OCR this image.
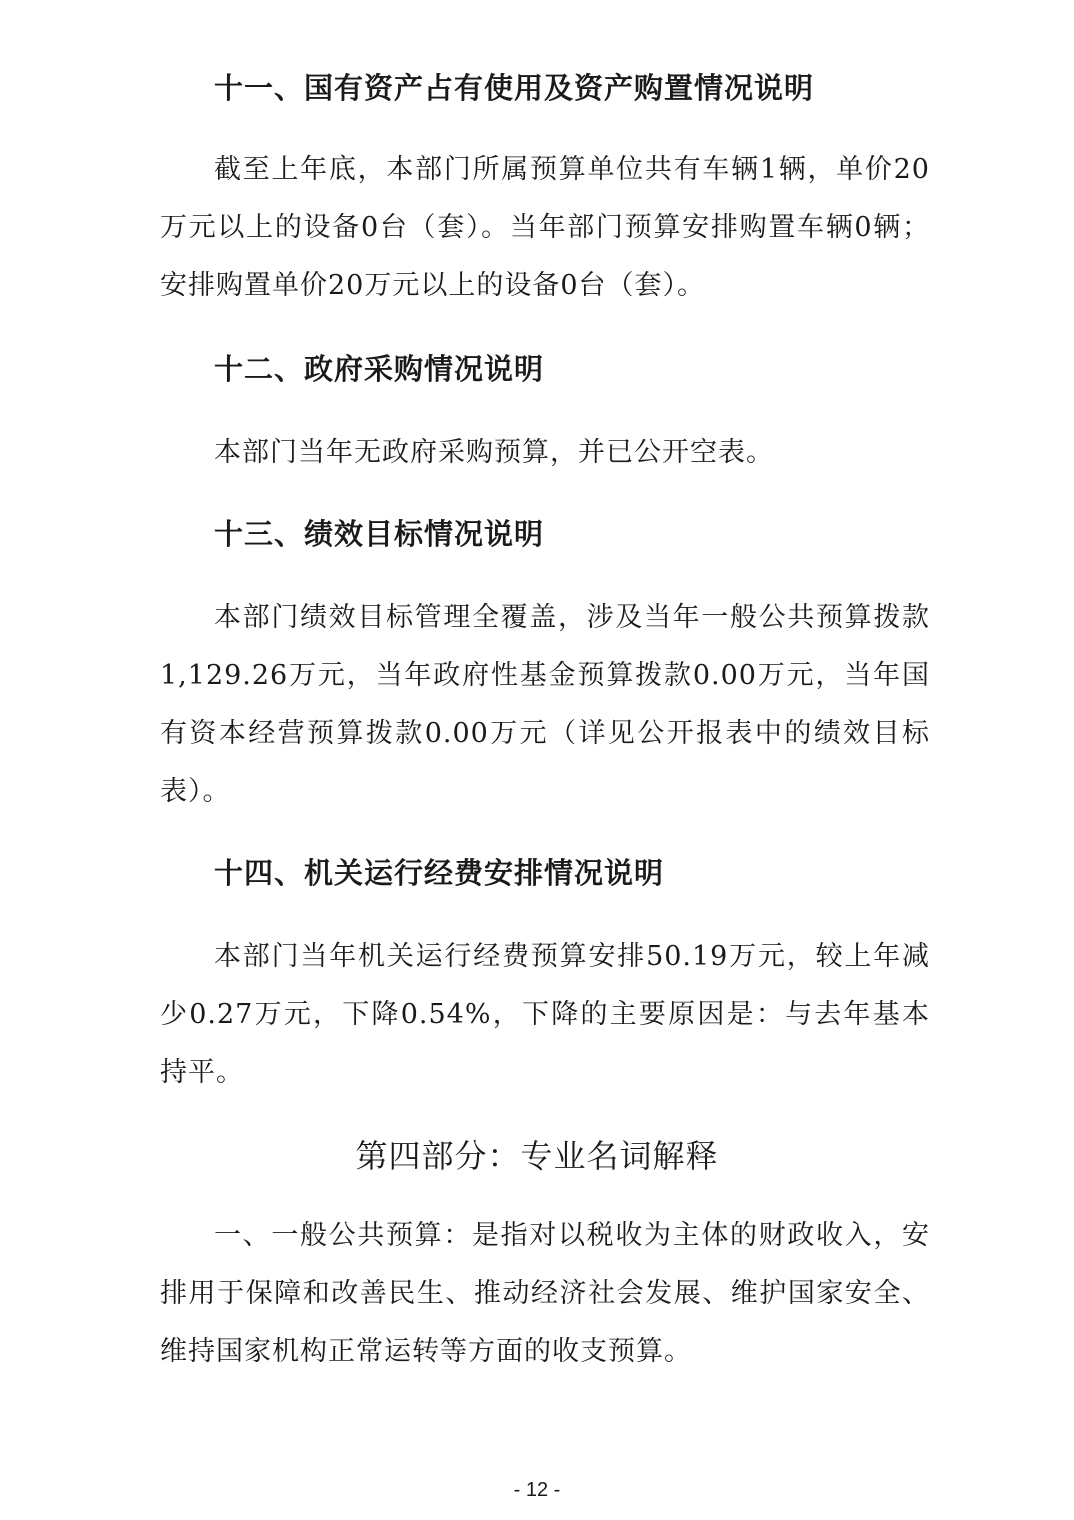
十一、国有资产占有使用及资产购置情况说明
截至上年底，本部门所属预算单位共有车辆1辆，单价20万元以上的设备0台（套）。当年部门预算安排购置车辆0辆；安排购置单价20万元以上的设备0台（套）。
十二、政府采购情况说明
本部门当年无政府采购预算，并已公开空表。
十三、绩效目标情况说明
本部门绩效目标管理全覆盖，涉及当年一般公共预算拨款1,129.26万元，当年政府性基金预算拨款0.00万元，当年国有资本经营预算拨款0.00万元（详见公开报表中的绩效目标表）。
十四、机关运行经费安排情况说明
本部门当年机关运行经费预算安排50.19万元，较上年减少0.27万元，下降0.54%，下降的主要原因是：与去年基本持平。
第四部分：专业名词解释
一、一般公共预算：是指对以税收为主体的财政收入，安排用于保障和改善民生、推动经济社会发展、维护国家安全、维持国家机构正常运转等方面的收支预算。
- 12 -
